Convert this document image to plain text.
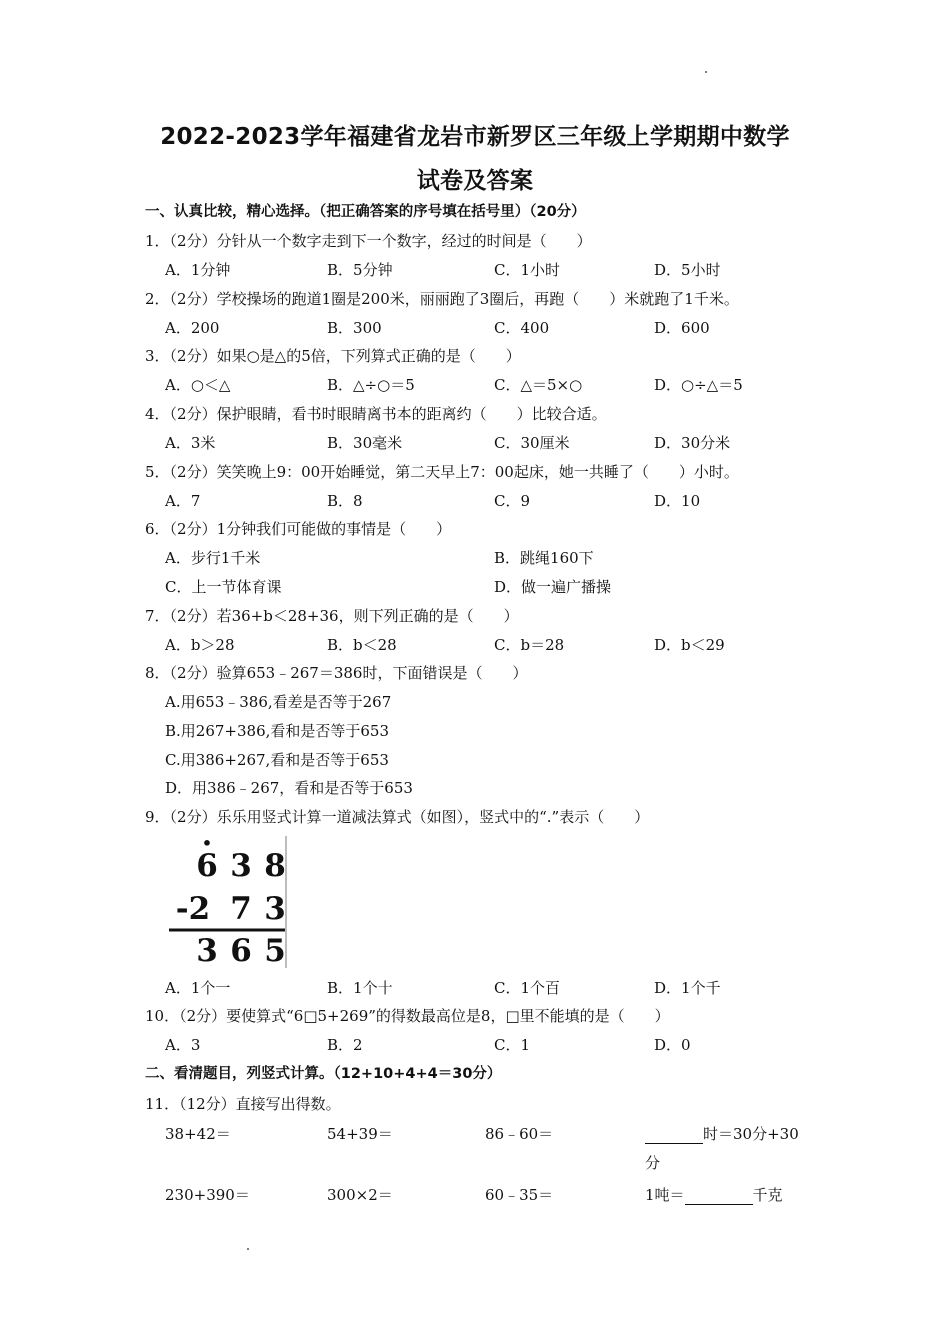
2022-2023学年福建省龙岩市新罗区三年级上学期期中数学
试卷及答案
一、认真比较，精心选择。（把正确答案的序号填在括号里）（20分）
1．（2分）分针从一个数字走到下一个数字，经过的时间是（　　）
A．1分钟	B．5分钟	C．1小时	D．5小时
2．（2分）学校操场的跑道1圈是200米，丽丽跑了3圈后，再跑（　　）米就跑了1千米。
A．200	B．300	C．400	D．600
3．（2分）如果○是△的5倍，下列算式正确的是（　　）
A．○＜△	B．△÷○＝5	C．△＝5×○	D．○÷△＝5
4．（2分）保护眼睛，看书时眼睛离书本的距离约（　　）比较合适。
A．3米	B．30毫米	C．30厘米	D．30分米
5．（2分）笑笑晚上9：00开始睡觉，第二天早上7：00起床，她一共睡了（　　）小时。
A．7	B．8	C．9	D．10
6．（2分）1分钟我们可能做的事情是（　　）
A．步行1千米	B．跳绳160下
C．上一节体育课	D．做一遍广播操
7．（2分）若36+b＜28+36，则下列正确的是（　　）
A．b＞28	B．b＜28	C．b＝28	D．b＜29
8．（2分）验算653﹣267＝386时，下面错误是（　　）
A.用653﹣386,看差是否等于267
B.用267+386,看和是否等于653
C.用386+267,看和是否等于653
D．用386﹣267，看和是否等于653
9．（2分）乐乐用竖式计算一道减法算式（如图），竖式中的“.”表示（　　）
•
6 3 8
-2 7 3
3 6 5
A．1个一	B．1个十	C．1个百	D．1个千
10．（2分）要使算式“6□5+269”的得数最高位是8，□里不能填的是（　　）
A．3	B．2	C．1	D．0
二、看清题目，列竖式计算。（12+10+4+4＝30分）
11．（12分）直接写出得数。
38+42＝	54+39＝	86﹣60＝	时＝30分+30
分
230+390＝	300×2＝	60﹣35＝	1吨＝	千克
